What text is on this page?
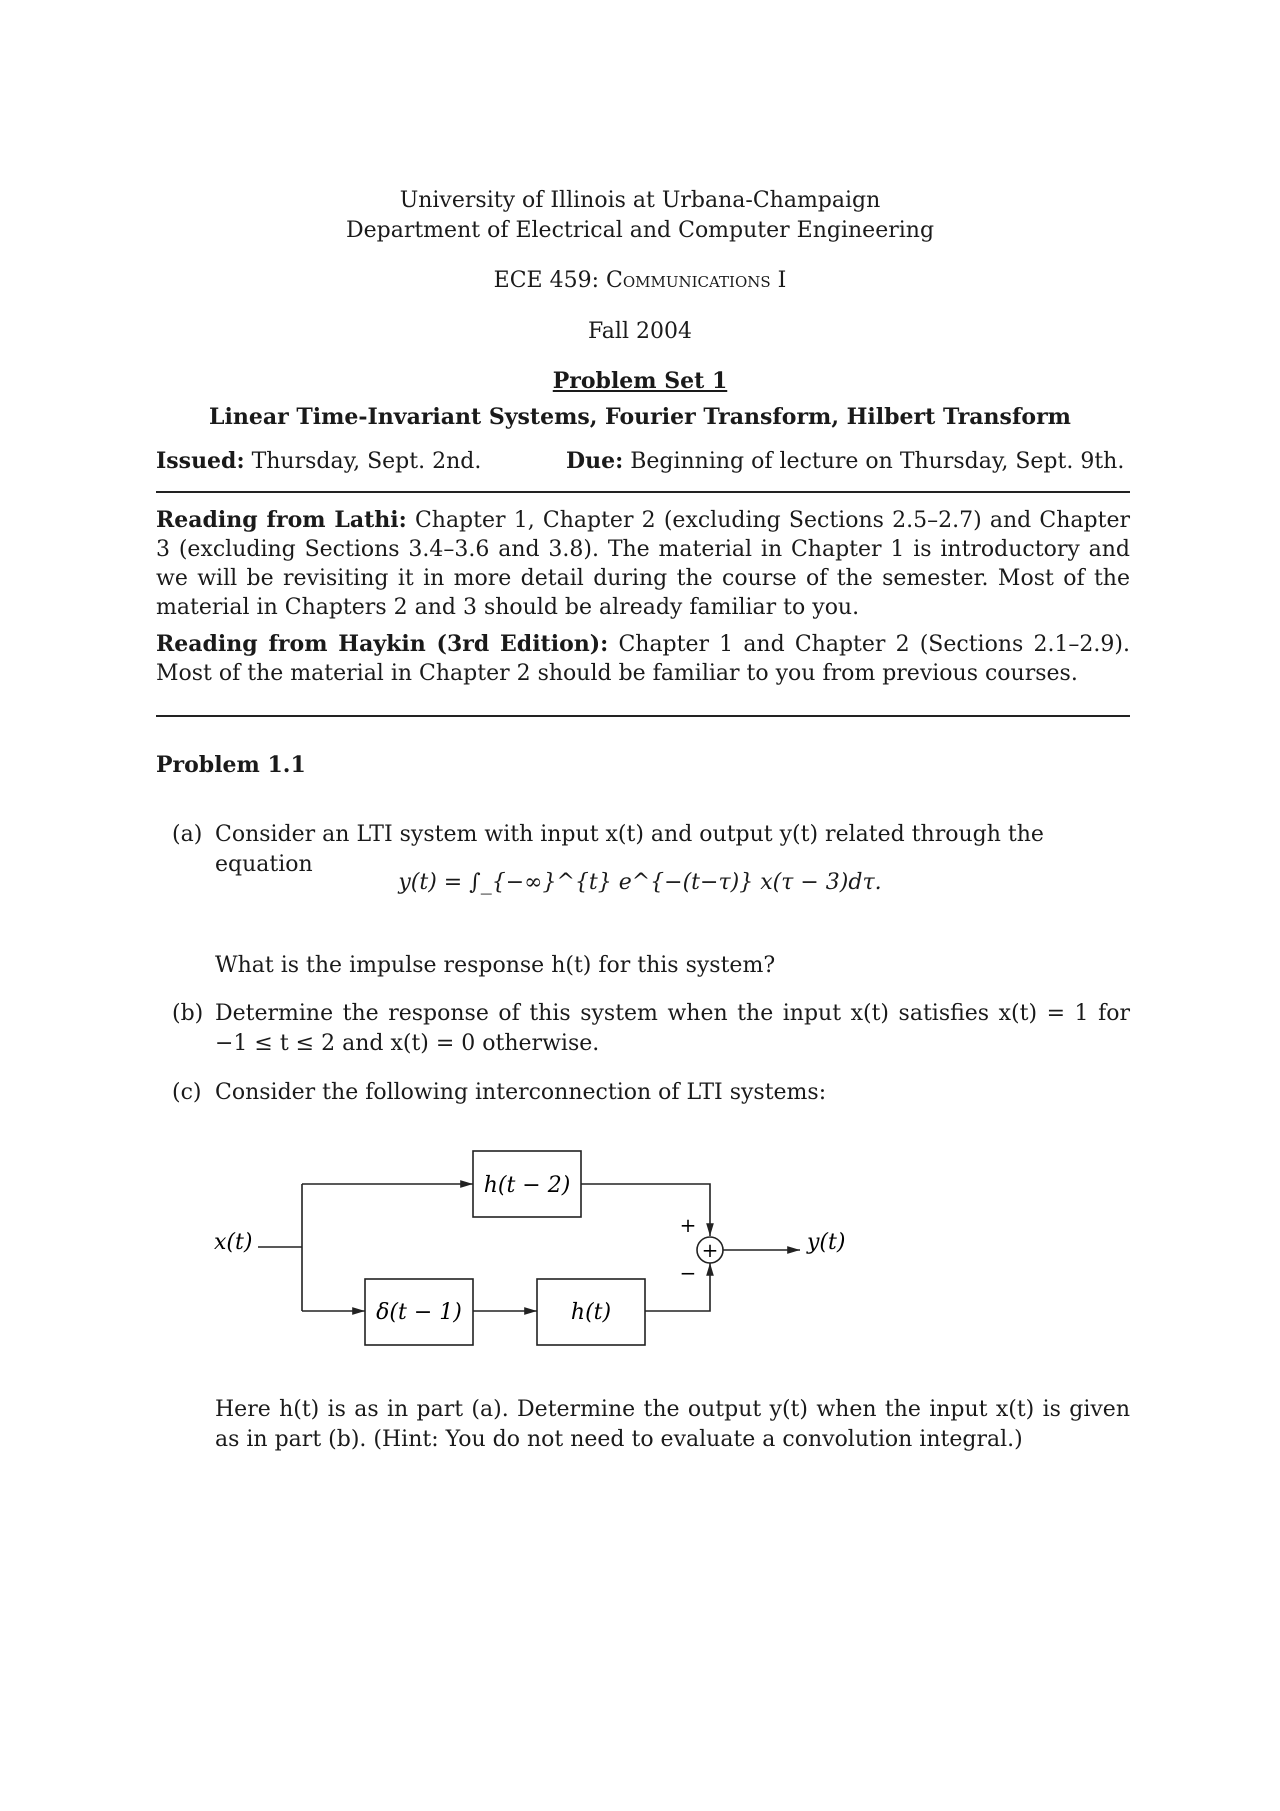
University of Illinois at Urbana-Champaign
Department of Electrical and Computer Engineering
ECE 459: Communications I
Fall 2004
Problem Set 1
Linear Time-Invariant Systems, Fourier Transform, Hilbert Transform
Issued: Thursday, Sept. 2nd.	Due: Beginning of lecture on Thursday, Sept. 9th.
Reading from Lathi: Chapter 1, Chapter 2 (excluding Sections 2.5–2.7) and Chapter 3 (excluding Sections 3.4–3.6 and 3.8). The material in Chapter 1 is introductory and we will be revisiting it in more detail during the course of the semester. Most of the material in Chapters 2 and 3 should be already familiar to you.
Reading from Haykin (3rd Edition): Chapter 1 and Chapter 2 (Sections 2.1–2.9). Most of the material in Chapter 2 should be familiar to you from previous courses.
Problem 1.1
(a) Consider an LTI system with input x(t) and output y(t) related through the equation
y(t) = ∫_{−∞}^{t} e^{−(t−τ)} x(τ − 3)dτ.
What is the impulse response h(t) for this system?
(b) Determine the response of this system when the input x(t) satisfies x(t) = 1 for −1 ≤ t ≤ 2 and x(t) = 0 otherwise.
(c) Consider the following interconnection of LTI systems:
x(t)
h(t − 2)
δ(t − 1)	h(t)
+
+
−
y(t)
Here h(t) is as in part (a). Determine the output y(t) when the input x(t) is given as in part (b). (Hint: You do not need to evaluate a convolution integral.)
